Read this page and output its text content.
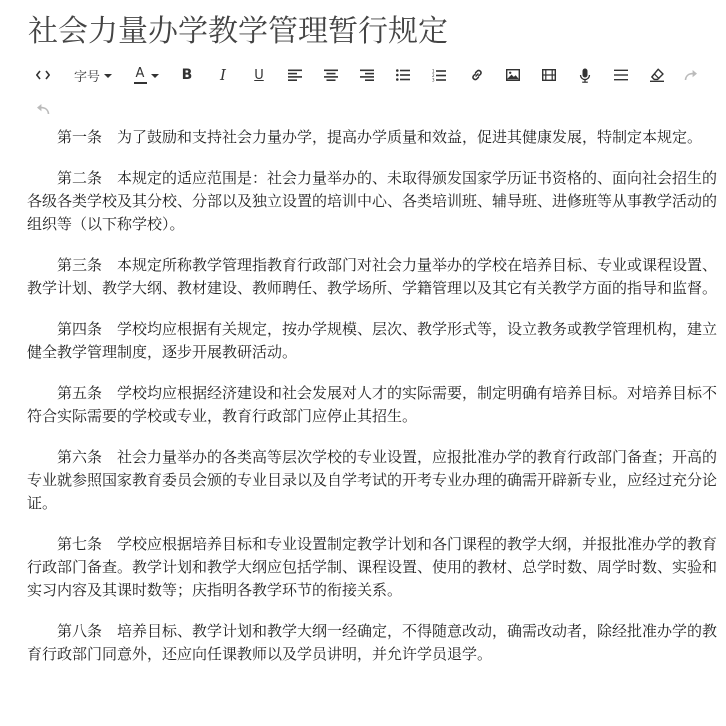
社会力量办学教学管理暂行规定
字号	A	B I U	1
2
3

第一条　为了鼓励和支持社会力量办学，提高办学质量和效益，促进其健康发展，特制定本规定。

第二条　本规定的适应范围是：社会力量举办的、未取得颁发国家学历证书资格的、面向社会招生的各级各类学校及其分校、分部以及独立设置的培训中心、各类培训班、辅导班、进修班等从事教学活动的组织等（以下称学校）。

第三条　本规定所称教学管理指教育行政部门对社会力量举办的学校在培养目标、专业或课程设置、教学计划、教学大纲、教材建设、教师聘任、教学场所、学籍管理以及其它有关教学方面的指导和监督。

第四条　学校均应根据有关规定，按办学规模、层次、教学形式等，设立教务或教学管理机构，建立健全教学管理制度，逐步开展教研活动。

第五条　学校均应根据经济建设和社会发展对人才的实际需要，制定明确有培养目标。对培养目标不符合实际需要的学校或专业，教育行政部门应停止其招生。

第六条　社会力量举办的各类高等层次学校的专业设置，应报批准办学的教育行政部门备查；开高的专业就参照国家教育委员会颁的专业目录以及自学考试的开考专业办理的确需开辟新专业，应经过充分论证。

第七条　学校应根据培养目标和专业设置制定教学计划和各门课程的教学大纲，并报批准办学的教育行政部门备查。教学计划和教学大纲应包括学制、课程设置、使用的教材、总学时数、周学时数、实验和实习内容及其课时数等；庆指明各教学环节的衔接关系。

第八条　培养目标、教学计划和教学大纲一经确定，不得随意改动，确需改动者，除经批准办学的教育行政部门同意外，还应向任课教师以及学员讲明，并允许学员退学。
